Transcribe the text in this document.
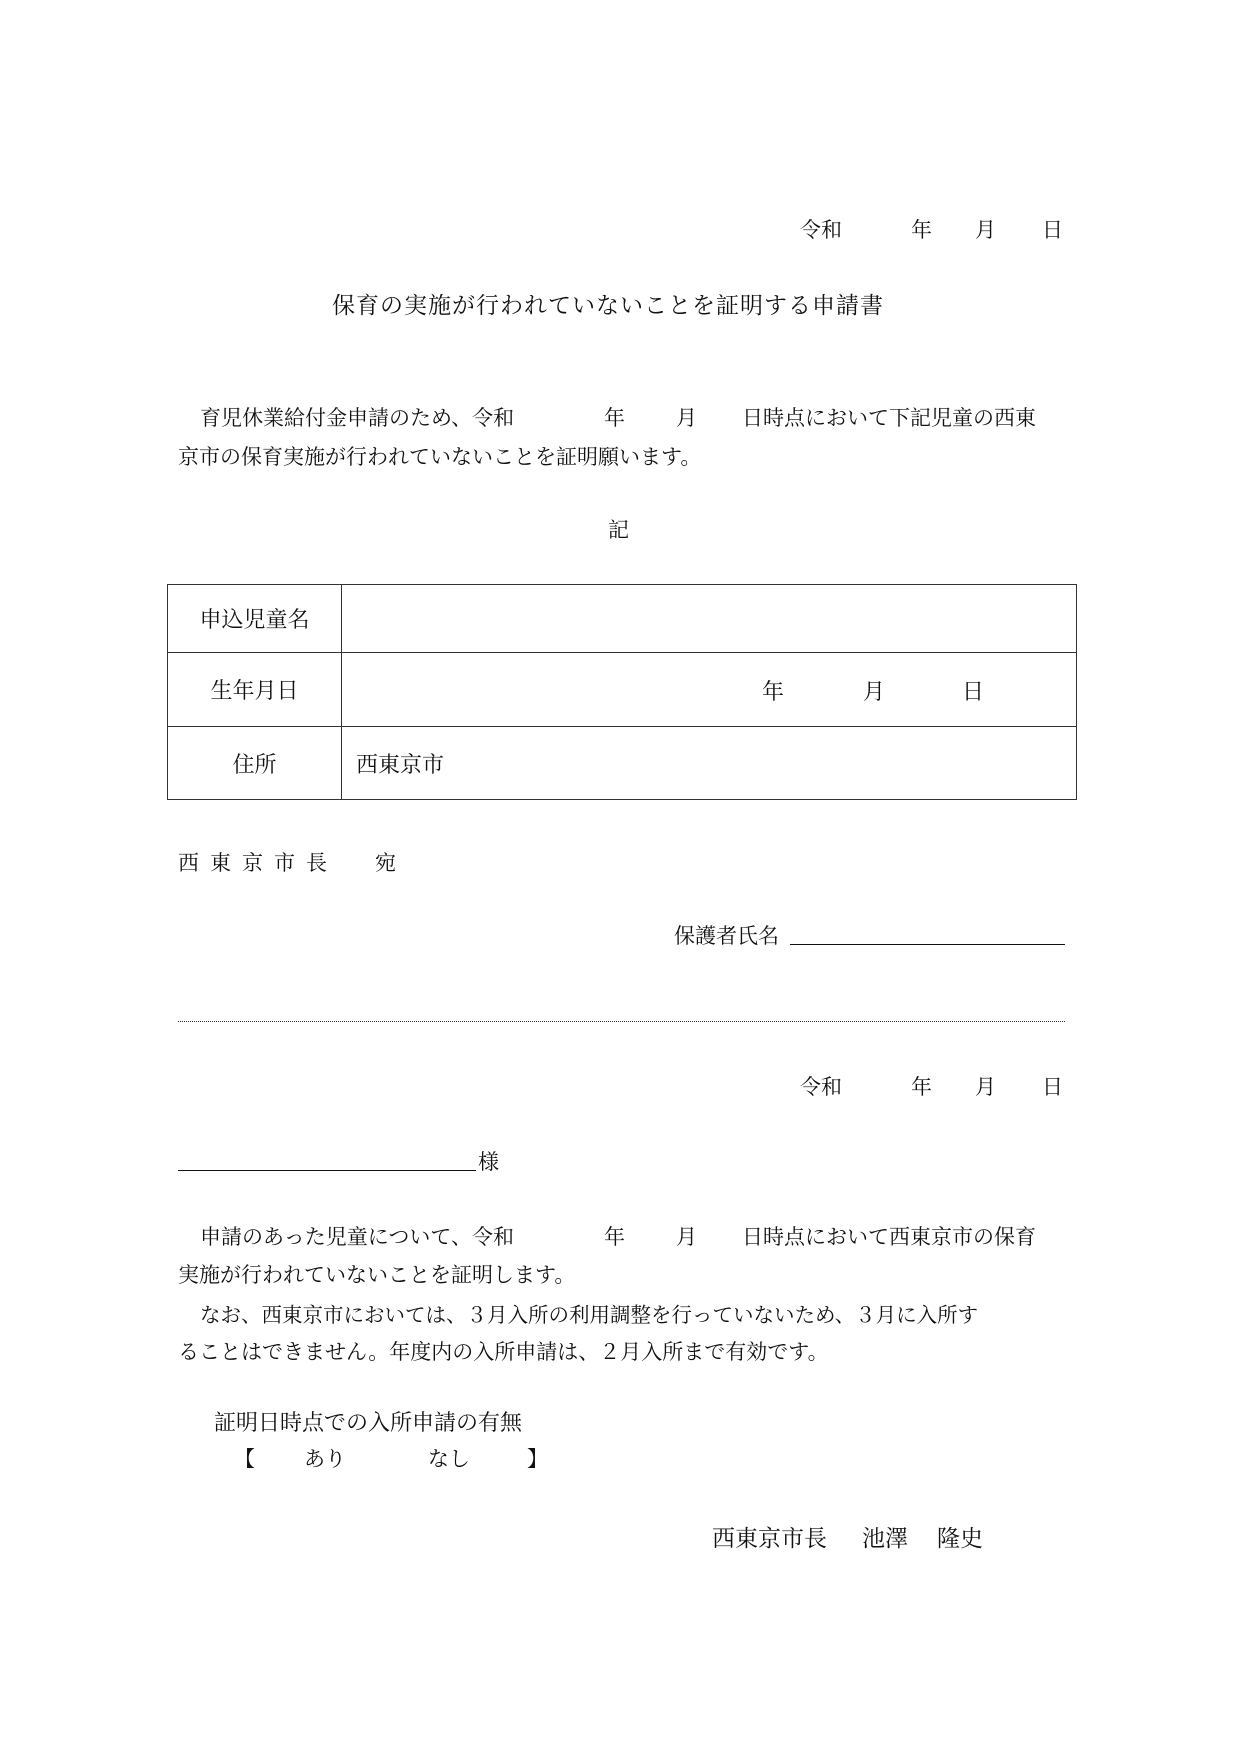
令和	年 月 日
保育の実施が行われていないことを証明する申請書
育児休業給付金申請のため、令和	年 月 日時点において下記児童の西東
京市の保育実施が行われていないことを証明願います。
記
申込児童名	
生年月日	年 月 日

住所	西東京市
西 東 京 市 長 宛
保護者氏名
令和	年 月 日
様
申請のあった児童について、令和	年 月 日時点において西東京市の保育
実施が行われていないことを証明します。
なお、西東京市においては、３月入所の利用調整を行っていないため、３月に入所す
ることはできません。年度内の入所申請は、２月入所まで有効です。
証明日時点での入所申請の有無
【 あり	なし	】
西東京市長 池澤 隆史
